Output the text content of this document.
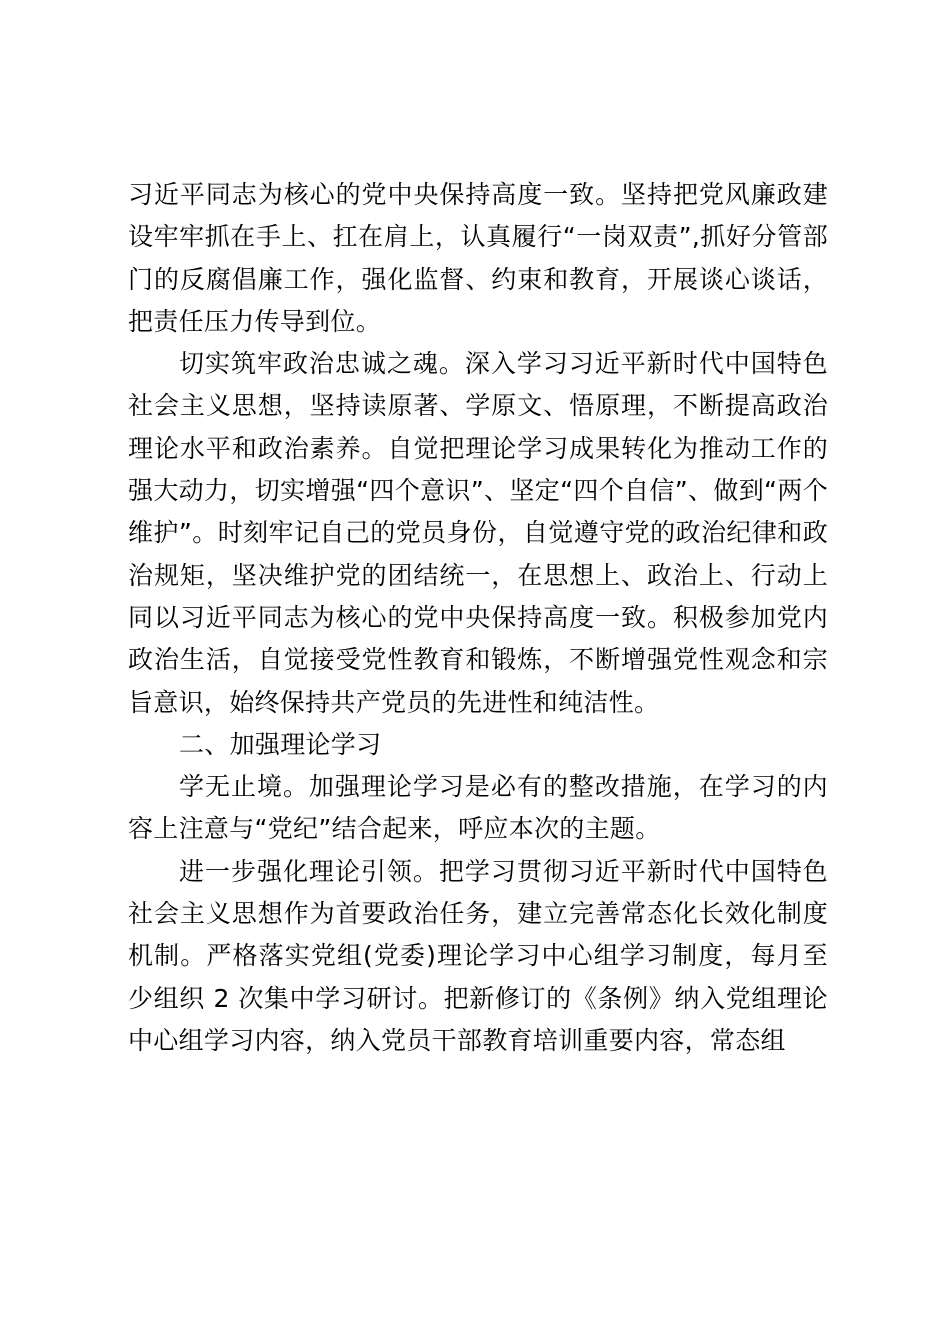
习近平同志为核心的党中央保持高度一致。坚持把党风廉政建设牢牢抓在手上、扛在肩上，认真履行“一岗双责”,抓好分管部门的反腐倡廉工作，强化监督、约束和教育，开展谈心谈话，把责任压力传导到位。

切实筑牢政治忠诚之魂。深入学习习近平新时代中国特色社会主义思想，坚持读原著、学原文、悟原理，不断提高政治理论水平和政治素养。自觉把理论学习成果转化为推动工作的强大动力，切实增强“四个意识”、坚定“四个自信”、做到“两个维护”。时刻牢记自己的党员身份，自觉遵守党的政治纪律和政治规矩，坚决维护党的团结统一，在思想上、政治上、行动上同以习近平同志为核心的党中央保持高度一致。积极参加党内政治生活，自觉接受党性教育和锻炼，不断增强党性观念和宗旨意识，始终保持共产党员的先进性和纯洁性。

二、加强理论学习

学无止境。加强理论学习是必有的整改措施，在学习的内容上注意与“党纪”结合起来，呼应本次的主题。

进一步强化理论引领。把学习贯彻习近平新时代中国特色社会主义思想作为首要政治任务，建立完善常态化长效化制度机制。严格落实党组(党委)理论学习中心组学习制度，每月至少组织 2 次集中学习研讨。把新修订的《条例》纳入党组理论中心组学习内容，纳入党员干部教育培训重要内容，常态组
